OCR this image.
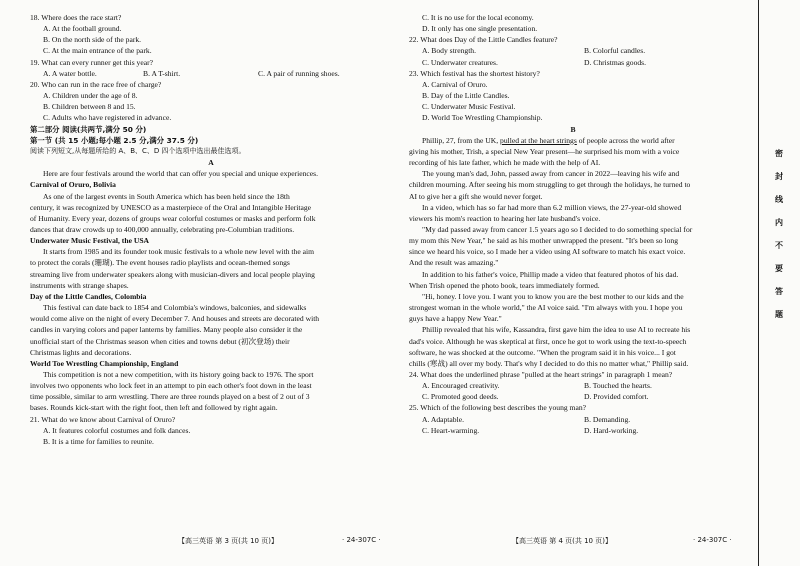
18. Where does the race start?
A. At the football ground.
B. On the north side of the park.
C. At the main entrance of the park.
19. What can every runner get this year?
A. A water bottle.	B. A T-shirt.	C. A pair of running shoes.
20. Who can run in the race free of charge?
A. Children under the age of 8.
B. Children between 8 and 15.
C. Adults who have registered in advance.
第二部分 阅读(共两节,满分 50 分)
第一节 (共 15 小题;每小题 2.5 分,满分 37.5 分)
阅读下列短文,从每题所给的 A、B、C、D 四个选项中选出最佳选项。
A
Here are four festivals around the world that can offer you special and unique experiences.
Carnival of Oruro, Bolivia
As one of the largest events in South America which has been held since the 18th
century, it was recognized by UNESCO as a masterpiece of the Oral and Intangible Heritage
of Humanity. Every year, dozens of groups wear colorful costumes or masks and perform folk
dances that draw crowds up to 400,000 annually, celebrating pre-Columbian traditions.
Underwater Music Festival, the USA
It starts from 1985 and its founder took music festivals to a whole new level with the aim
to protect the corals (珊瑚). The event houses radio playlists and ocean-themed songs
streaming live from underwater speakers along with musician-divers and local people playing
instruments with strange shapes.
Day of the Little Candles, Colombia
This festival can date back to 1854 and Colombia's windows, balconies, and sidewalks
would come alive on the night of every December 7. And houses and streets are decorated with
candles in varying colors and paper lanterns by families. Many people also consider it the
unofficial start of the Christmas season when cities and towns debut (初次登场) their
Christmas lights and decorations.
World Toe Wrestling Championship, England
This competition is not a new competition, with its history going back to 1976. The sport
involves two opponents who lock feet in an attempt to pin each other's foot down in the least
time possible, similar to arm wrestling. There are three rounds played on a best of 2 out of 3
bases. Rounds kick-start with the right foot, then left and followed by right again.
21. What do we know about Carnival of Oruro?
A. It features colorful costumes and folk dances.
B. It is a time for families to reunite.
【高三英语 第 3 页(共 10 页)】	· 24-307C ·
C. It is no use for the local economy.
D. It only has one single presentation.
22. What does Day of the Little Candles feature?
A. Body strength.	B. Colorful candles.
C. Underwater creatures.	D. Christmas goods.
23. Which festival has the shortest history?
A. Carnival of Oruro.
B. Day of the Little Candles.
C. Underwater Music Festival.
D. World Toe Wrestling Championship.
B
Phillip, 27, from the UK, pulled at the heart strings of people across the world after
giving his mother, Trish, a special New Year present—he surprised his mom with a voice
recording of his late father, which he made with the help of AI.
The young man's dad, John, passed away from cancer in 2022—leaving his wife and
children mourning. After seeing his mom struggling to get through the holidays, he turned to
AI to give her a gift she would never forget.
In a video, which has so far had more than 6.2 million views, the 27-year-old showed
viewers his mom's reaction to hearing her late husband's voice.
"My dad passed away from cancer 1.5 years ago so I decided to do something special for
my mom this New Year," he said as his mother unwrapped the present. "It's been so long
since we heard his voice, so I made her a video using AI software to match his exact voice.
And the result was amazing."
In addition to his father's voice, Phillip made a video that featured photos of his dad.
When Trish opened the photo book, tears immediately formed.
"Hi, honey. I love you. I want you to know you are the best mother to our kids and the
strongest woman in the whole world," the AI voice said. "I'm always with you. I hope you
guys have a happy New Year."
Phillip revealed that his wife, Kassandra, first gave him the idea to use AI to recreate his
dad's voice. Although he was skeptical at first, once he got to work using the text-to-speech
software, he was shocked at the outcome. "When the program said it in his voice... I got
chills (寒战) all over my body. That's why I decided to do this no matter what," Phillip said.
24. What does the underlined phrase "pulled at the heart strings" in paragraph 1 mean?
A. Encouraged creativity.	B. Touched the hearts.
C. Promoted good deeds.	D. Provided comfort.
25. Which of the following best describes the young man?
A. Adaptable.	B. Demanding.
C. Heart-warming.	D. Hard-working.
【高三英语 第 4 页(共 10 页)】	· 24-307C ·
密
封
线
内
不
要
答
题
